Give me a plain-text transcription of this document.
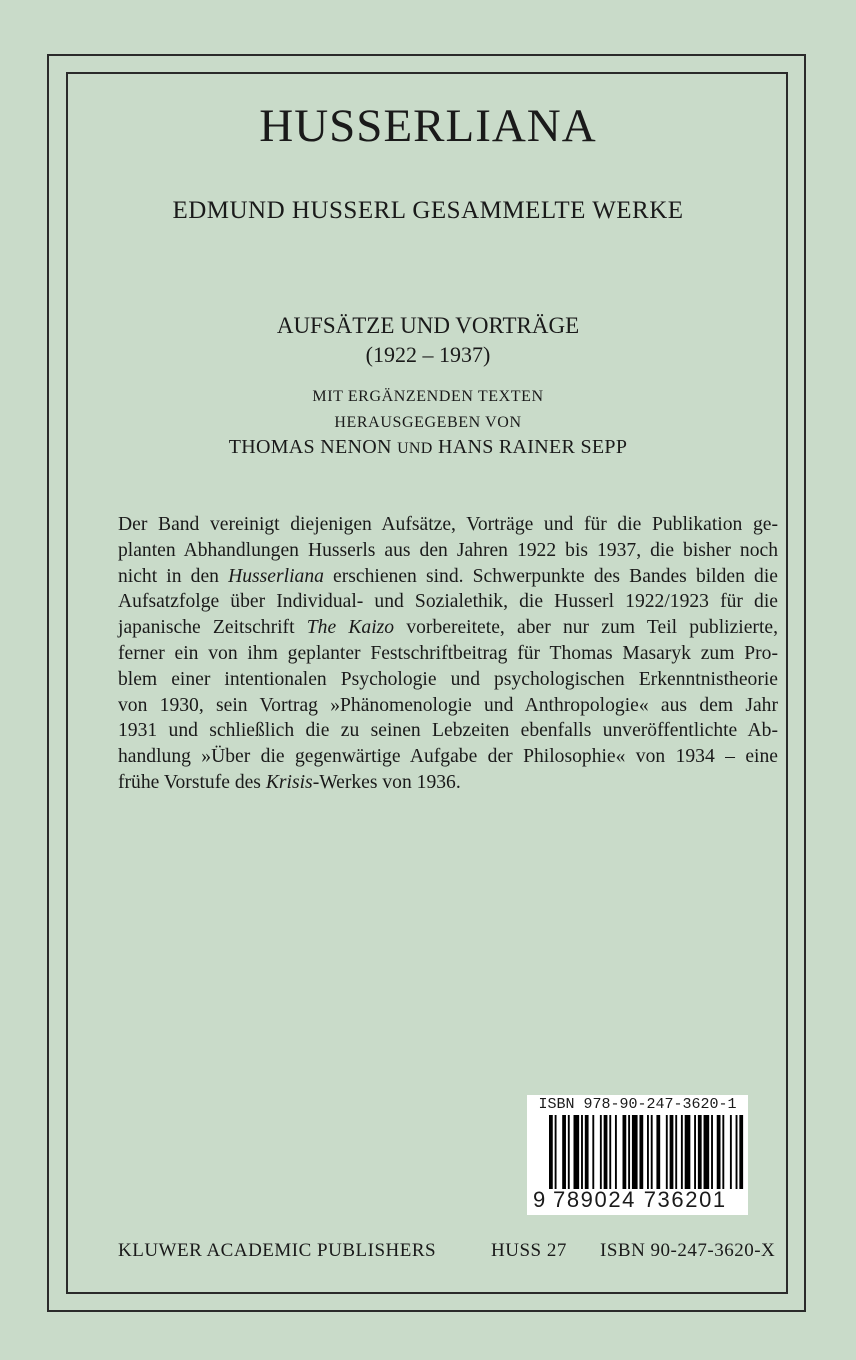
HUSSERLIANA
EDMUND HUSSERL GESAMMELTE WERKE
AUFSÄTZE UND VORTRÄGE
(1922 – 1937)
MIT ERGÄNZENDEN TEXTEN
HERAUSGEGEBEN VON
THOMAS NENON UND HANS RAINER SEPP
Der Band vereinigt diejenigen Aufsätze, Vorträge und für die Publikation ge-
planten Abhandlungen Husserls aus den Jahren 1922 bis 1937, die bisher noch
nicht in den Husserliana erschienen sind. Schwerpunkte des Bandes bilden die
Aufsatzfolge über Individual- und Sozialethik, die Husserl 1922/1923 für die
japanische Zeitschrift The Kaizo vorbereitete, aber nur zum Teil publizierte,
ferner ein von ihm geplanter Festschriftbeitrag für Thomas Masaryk zum Pro-
blem einer intentionalen Psychologie und psychologischen Erkenntnistheorie
von 1930, sein Vortrag »Phänomenologie und Anthropologie« aus dem Jahr
1931 und schließlich die zu seinen Lebzeiten ebenfalls unveröffentlichte Ab-
handlung »Über die gegenwärtige Aufgabe der Philosophie« von 1934 – eine
frühe Vorstufe des Krisis-Werkes von 1936.
ISBN 978-90-247-3620-1
9 789024 736201
KLUWER ACADEMIC PUBLISHERS	HUSS 27 ISBN 90-247-3620-X
